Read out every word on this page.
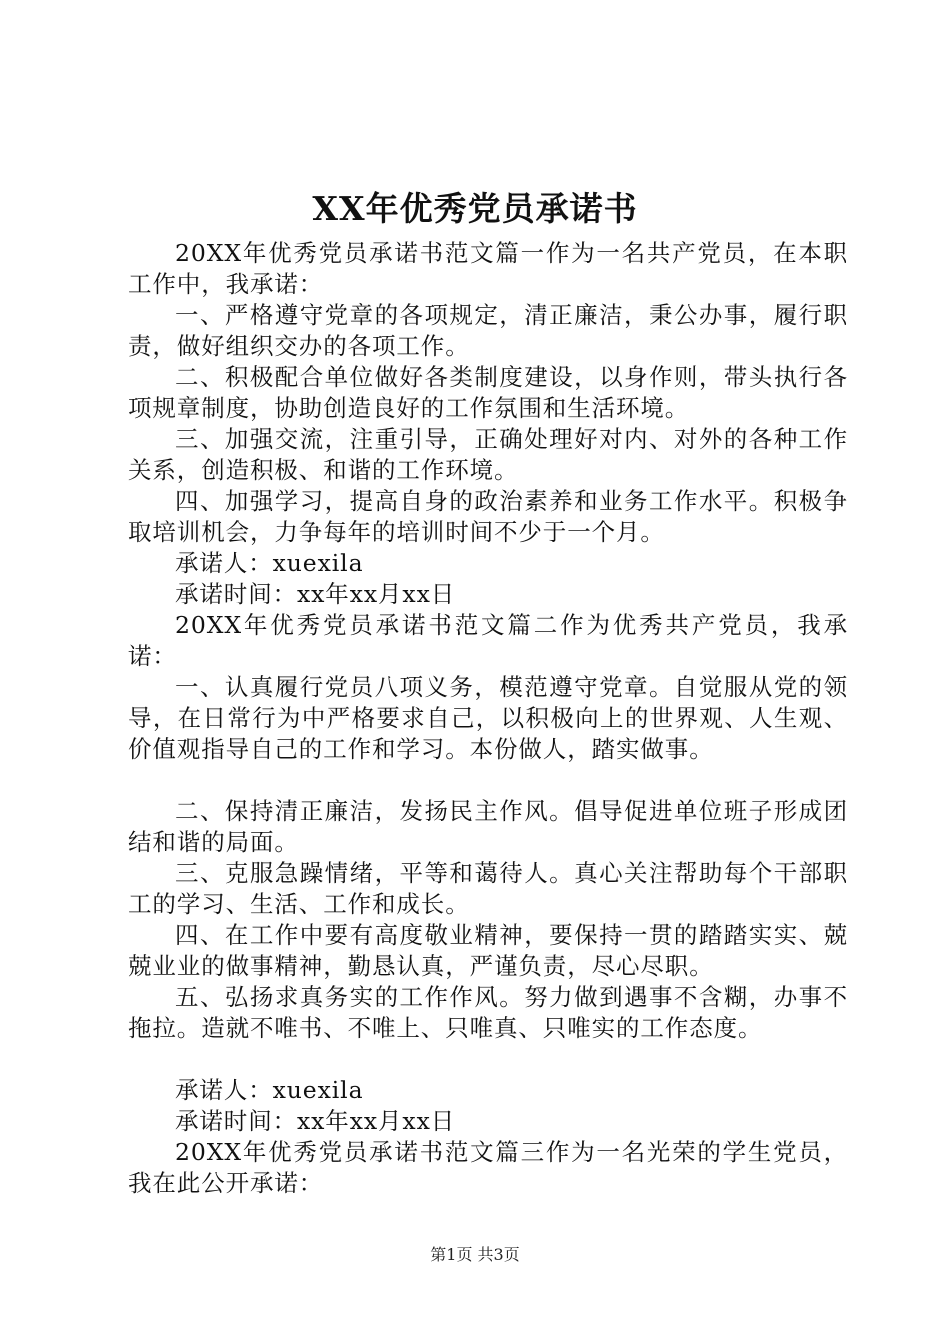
XX年优秀党员承诺书

20XX年优秀党员承诺书范文篇一作为一名共产党员，在本职工作中，我承诺：

一、严格遵守党章的各项规定，清正廉洁，秉公办事，履行职责，做好组织交办的各项工作。

二、积极配合单位做好各类制度建设，以身作则，带头执行各项规章制度，协助创造良好的工作氛围和生活环境。

三、加强交流，注重引导，正确处理好对内、对外的各种工作关系，创造积极、和谐的工作环境。

四、加强学习，提高自身的政治素养和业务工作水平。积极争取培训机会，力争每年的培训时间不少于一个月。

承诺人：xuexila

承诺时间：xx年xx月xx日

20XX年优秀党员承诺书范文篇二作为优秀共产党员，我承诺：

一、认真履行党员八项义务，模范遵守党章。自觉服从党的领导，在日常行为中严格要求自己，以积极向上的世界观、人生观、价值观指导自己的工作和学习。本份做人，踏实做事。

二、保持清正廉洁，发扬民主作风。倡导促进单位班子形成团结和谐的局面。

三、克服急躁情绪，平等和蔼待人。真心关注帮助每个干部职工的学习、生活、工作和成长。

四、在工作中要有高度敬业精神，要保持一贯的踏踏实实、兢兢业业的做事精神，勤恳认真，严谨负责，尽心尽职。

五、弘扬求真务实的工作作风。努力做到遇事不含糊，办事不拖拉。造就不唯书、不唯上、只唯真、只唯实的工作态度。

承诺人：xuexila

承诺时间：xx年xx月xx日

20XX年优秀党员承诺书范文篇三作为一名光荣的学生党员，我在此公开承诺：

第1页 共3页
